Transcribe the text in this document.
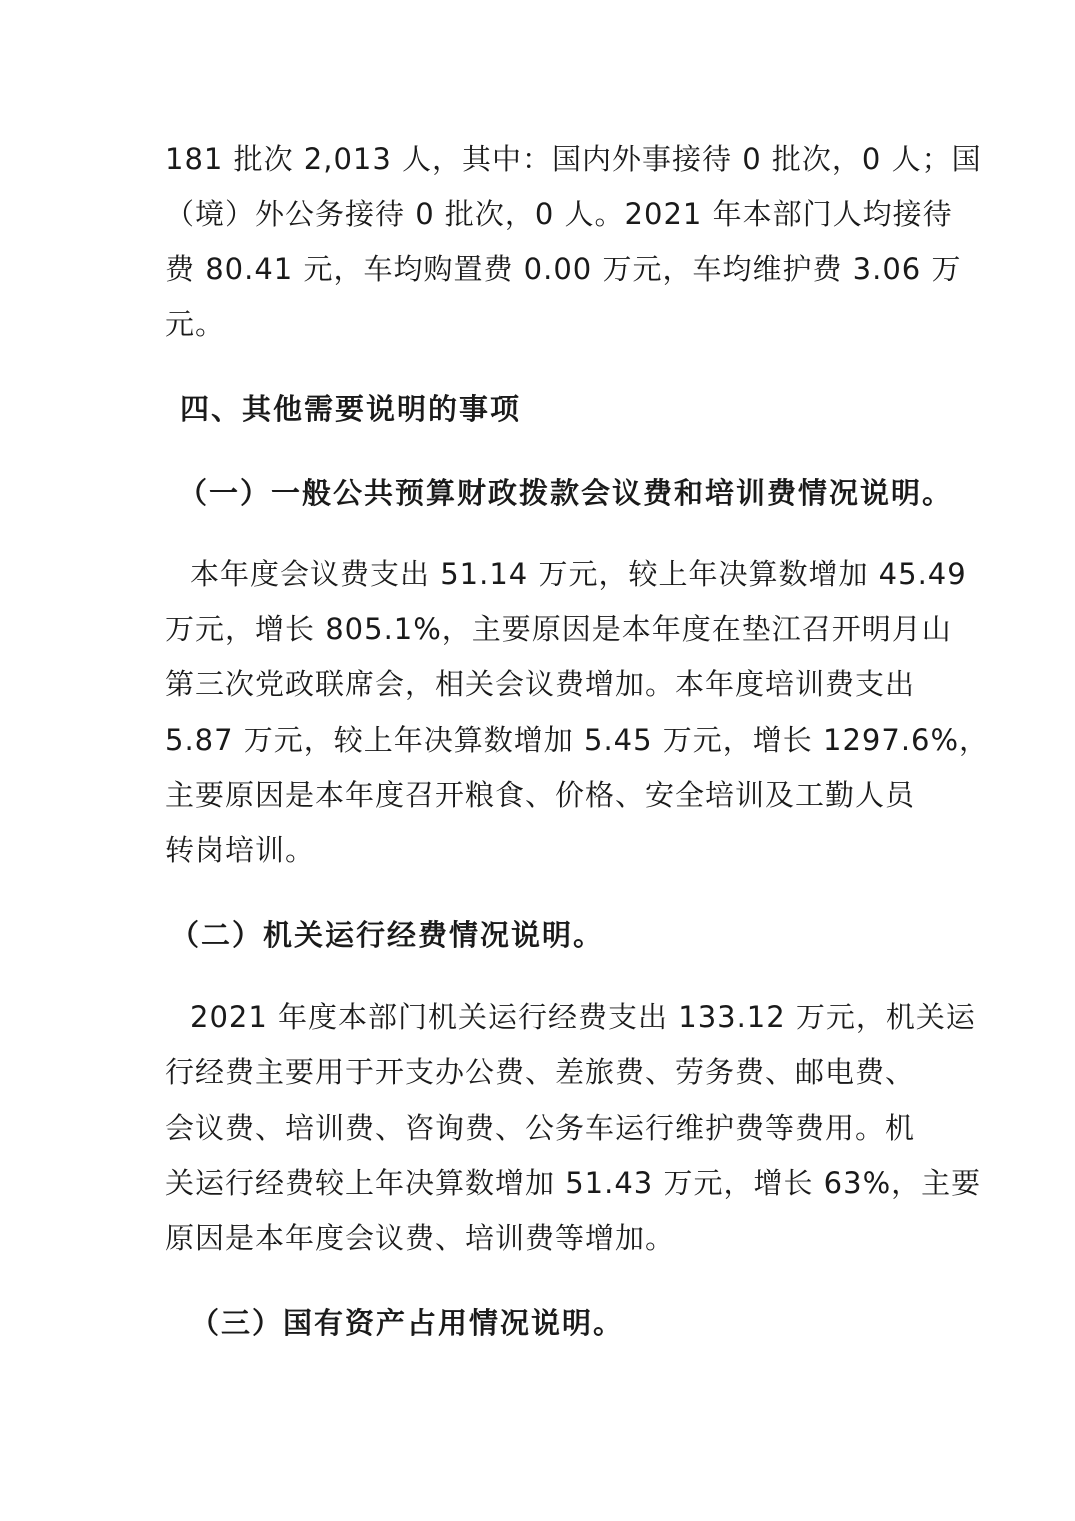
181 批次 2,013 人，其中：国内外事接待 0 批次，0 人；国
（境）外公务接待 0 批次，0 人。2021 年本部门人均接待
费 80.41 元，车均购置费 0.00 万元，车均维护费 3.06 万
元。
四、其他需要说明的事项
（一）一般公共预算财政拨款会议费和培训费情况说明。
本年度会议费支出 51.14 万元，较上年决算数增加 45.49
万元，增长 805.1%，主要原因是本年度在垫江召开明月山
第三次党政联席会，相关会议费增加。本年度培训费支出
5.87 万元，较上年决算数增加 5.45 万元，增长 1297.6%，
主要原因是本年度召开粮食、价格、安全培训及工勤人员
转岗培训。
（二）机关运行经费情况说明。
2021 年度本部门机关运行经费支出 133.12 万元，机关运
行经费主要用于开支办公费、差旅费、劳务费、邮电费、
会议费、培训费、咨询费、公务车运行维护费等费用。机
关运行经费较上年决算数增加 51.43 万元，增长 63%，主要
原因是本年度会议费、培训费等增加。
（三）国有资产占用情况说明。
